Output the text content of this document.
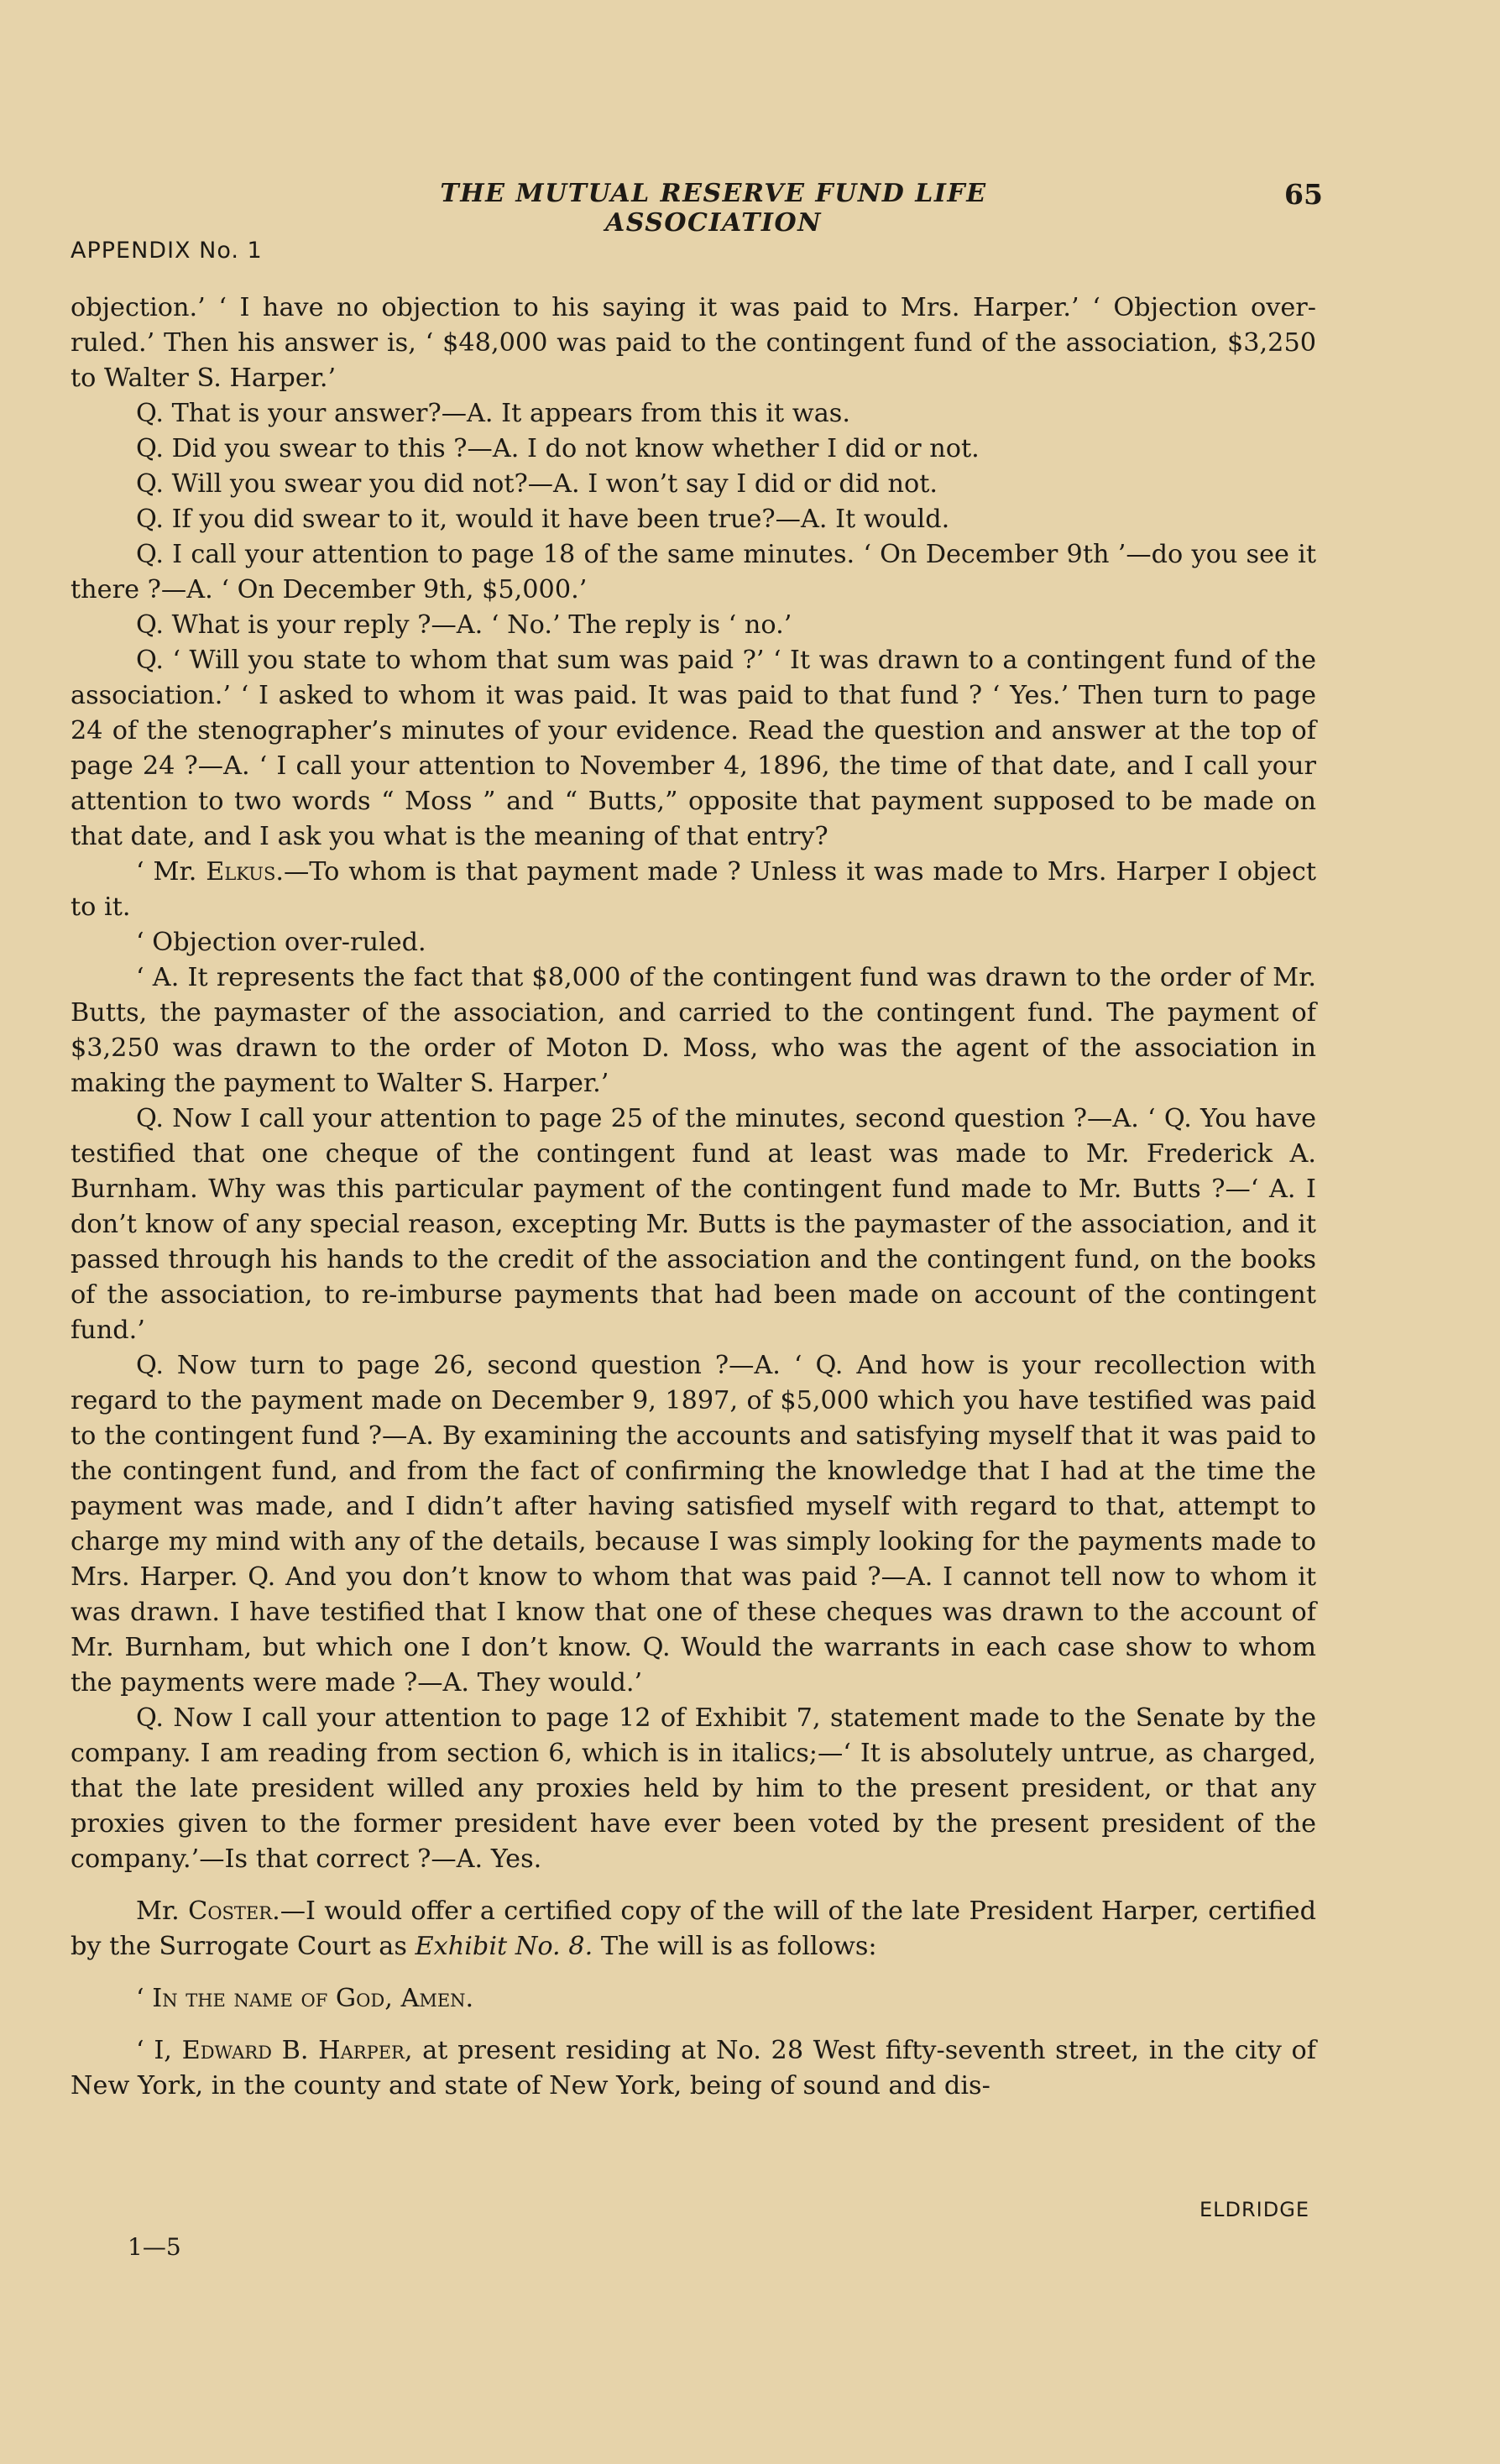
THE MUTUAL RESERVE FUND LIFE ASSOCIATION
65
APPENDIX No. 1

objection.’ ‘ I have no objection to his saying it was paid to Mrs. Harper.’ ‘ Objection over-ruled.’ Then his answer is, ‘ $48,000 was paid to the contingent fund of the association, $3,250 to Walter S. Harper.’

Q. That is your answer?—A. It appears from this it was.

Q. Did you swear to this ?—A. I do not know whether I did or not.

Q. Will you swear you did not?—A. I won’t say I did or did not.

Q. If you did swear to it, would it have been true?—A. It would.

Q. I call your attention to page 18 of the same minutes. ‘ On December 9th ’—do you see it there ?—A. ‘ On December 9th, $5,000.’

Q. What is your reply ?—A. ‘ No.’ The reply is ‘ no.’

Q. ‘ Will you state to whom that sum was paid ?’ ‘ It was drawn to a contingent fund of the association.’ ‘ I asked to whom it was paid. It was paid to that fund ? ‘ Yes.’ Then turn to page 24 of the stenographer’s minutes of your evidence. Read the question and answer at the top of page 24 ?—A. ‘ I call your attention to November 4, 1896, the time of that date, and I call your attention to two words “ Moss ” and “ Butts,” opposite that payment supposed to be made on that date, and I ask you what is the meaning of that entry?

‘ Mr. Elkus.—To whom is that payment made ? Unless it was made to Mrs. Harper I object to it.

‘ Objection over-ruled.

‘ A. It represents the fact that $8,000 of the contingent fund was drawn to the order of Mr. Butts, the paymaster of the association, and carried to the contingent fund. The payment of $3,250 was drawn to the order of Moton D. Moss, who was the agent of the association in making the payment to Walter S. Harper.’

Q. Now I call your attention to page 25 of the minutes, second question ?—A. ‘ Q. You have testified that one cheque of the contingent fund at least was made to Mr. Frederick A. Burnham. Why was this particular payment of the contingent fund made to Mr. Butts ?—‘ A. I don’t know of any special reason, excepting Mr. Butts is the paymaster of the association, and it passed through his hands to the credit of the association and the contingent fund, on the books of the association, to re-imburse payments that had been made on account of the contingent fund.’

Q. Now turn to page 26, second question ?—A. ‘ Q. And how is your recollection with regard to the payment made on December 9, 1897, of $5,000 which you have testified was paid to the contingent fund ?—A. By examining the accounts and satisfying myself that it was paid to the contingent fund, and from the fact of confirming the knowledge that I had at the time the payment was made, and I didn’t after having satisfied myself with regard to that, attempt to charge my mind with any of the details, because I was simply looking for the payments made to Mrs. Harper. Q. And you don’t know to whom that was paid ?—A. I cannot tell now to whom it was drawn. I have testified that I know that one of these cheques was drawn to the account of Mr. Burnham, but which one I don’t know. Q. Would the warrants in each case show to whom the payments were made ?—A. They would.’

Q. Now I call your attention to page 12 of Exhibit 7, statement made to the Senate by the company. I am reading from section 6, which is in italics;—‘ It is absolutely untrue, as charged, that the late president willed any proxies held by him to the present president, or that any proxies given to the former president have ever been voted by the present president of the company.’—Is that correct ?—A. Yes.

Mr. Coster.—I would offer a certified copy of the will of the late President Harper, certified by the Surrogate Court as Exhibit No. 8. The will is as follows:

‘ In the name of God, Amen.

‘ I, Edward B. Harper, at present residing at No. 28 West fifty-seventh street, in the city of New York, in the county and state of New York, being of sound and dis-

ELDRIDGE
1—5
